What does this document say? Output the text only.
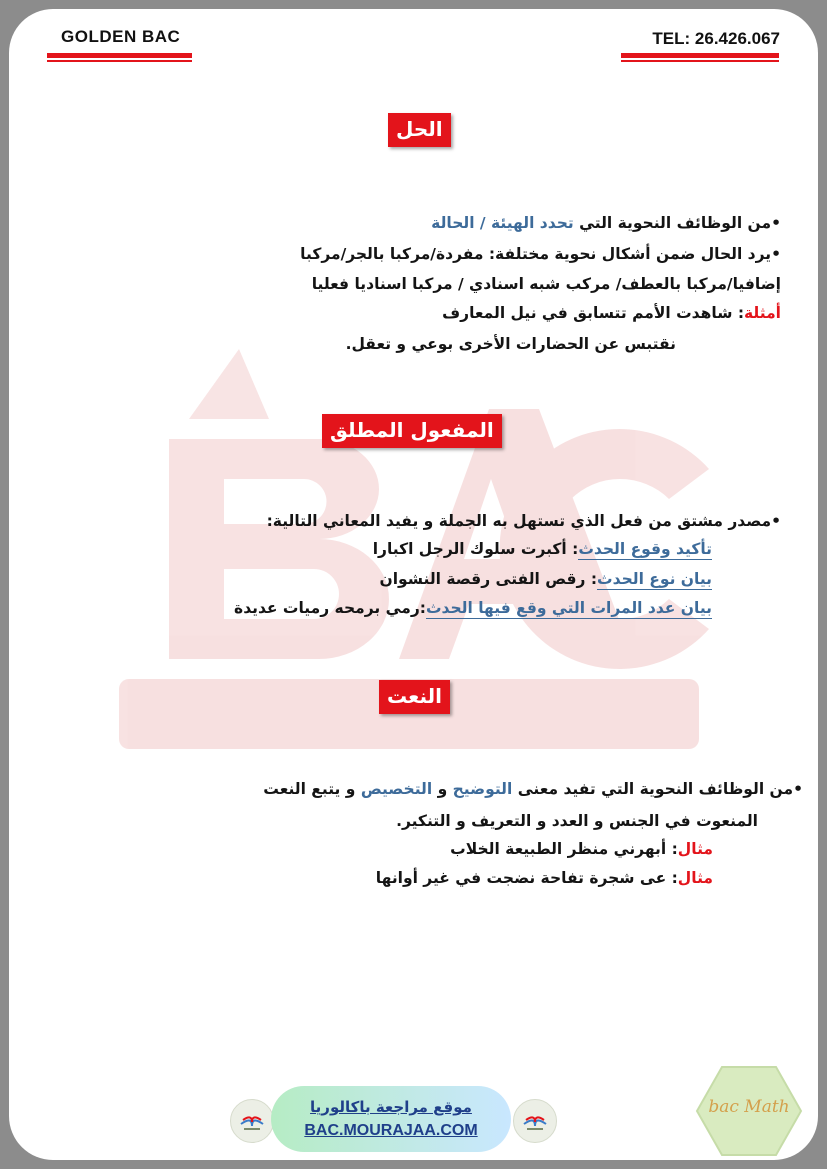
GOLDEN BAC	TEL: 26.426.067
الحل
•من الوظائف النحوية التي تحدد الهيئة / الحالة
•يرد الحال ضمن أشكال نحوية مختلفة: مفردة/مركبا بالجر/مركبا
إضافيا/مركبا بالعطف/ مركب شبه اسنادي / مركبا اسناديا فعليا
أمثلة: شاهدت الأمم تتسابق في نيل المعارف
نقتبس عن الحضارات الأخرى بوعي و تعقل.
المفعول المطلق
•مصدر مشتق من فعل الذي تستهل به الجملة و يفيد المعاني التالية:
تأكيد وقوع الحدث: أكبرت سلوك الرجل اكبارا
بيان نوع الحدث: رقص الفتى رقصة النشوان
بيان عدد المرات التي وقع فيها الحدث:رمي برمحه رميات عديدة
النعت
•من الوظائف النحوية التي تفيد معنى التوضيح و التخصيص و يتبع النعت
المنعوت في الجنس و العدد و التعريف و التنكير.
مثال: أبهرني منظر الطبيعة الخلاب
مثال: عى شجرة تفاحة نضجت في غير أوانها
موقع مراجعة باكالوريا
BAC.MOURAJAA.COM
bac Math
